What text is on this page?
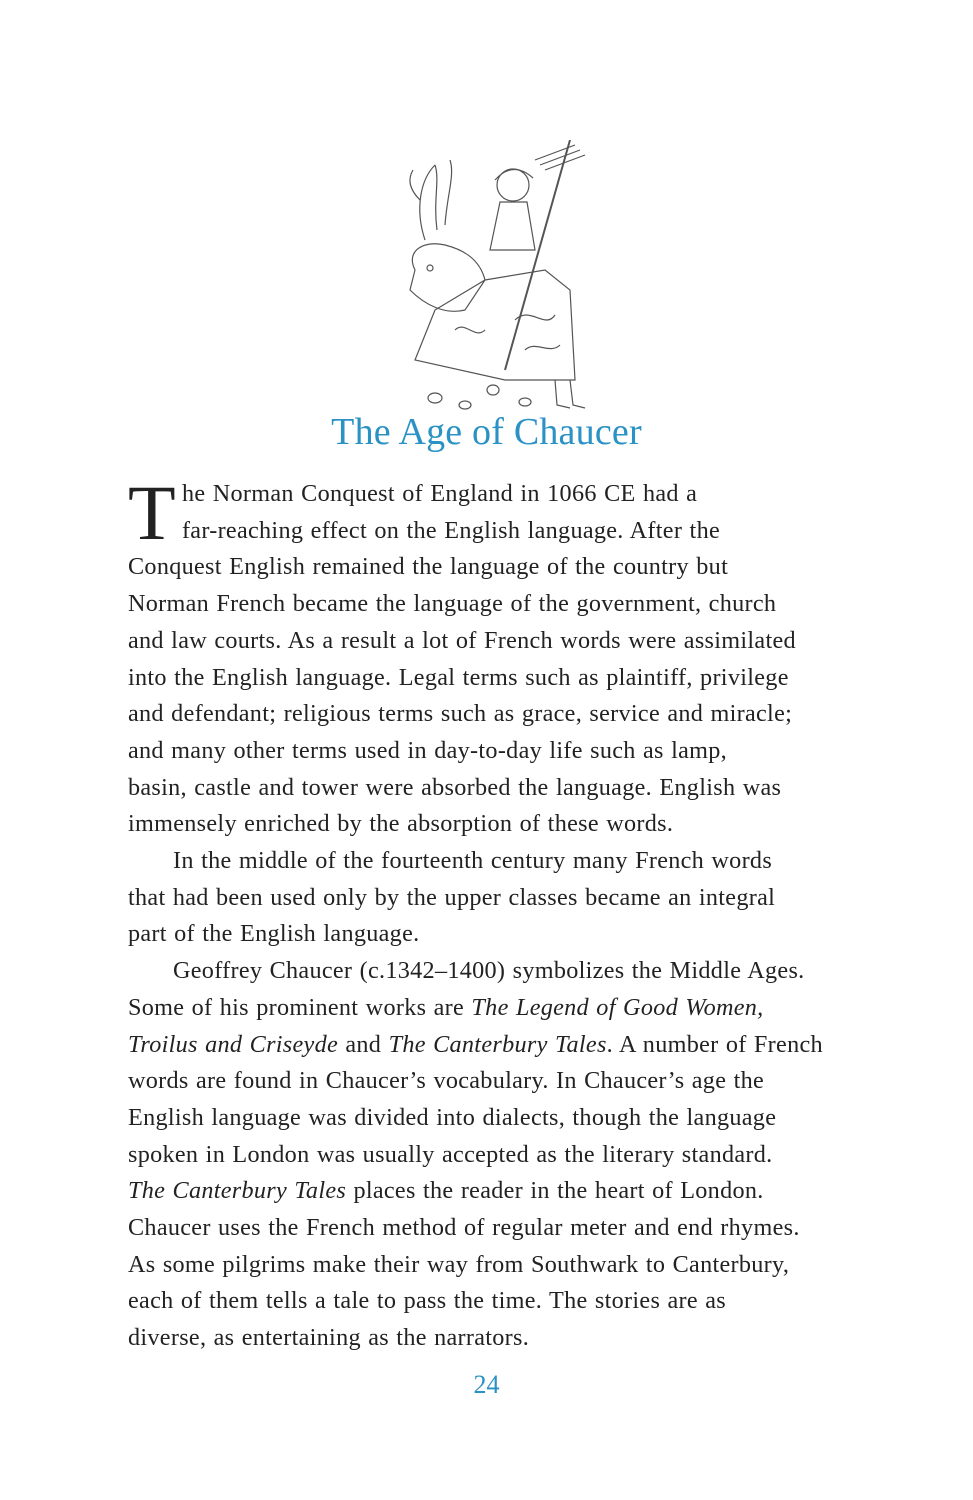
The Age of Chaucer
T he Norman Conquest of England in 1066 CE had a
far-reaching effect on the English language. After the
Conquest English remained the language of the country but
Norman French became the language of the government, church
and law courts. As a result a lot of French words were assimilated
into the English language. Legal terms such as plaintiff, privilege
and defendant; religious terms such as grace, service and miracle;
and many other terms used in day-to-day life such as lamp,
basin, castle and tower were absorbed the language. English was
immensely enriched by the absorption of these words.
In the middle of the fourteenth century many French words
that had been used only by the upper classes became an integral
part of the English language.
Geoffrey Chaucer (c.1342–1400) symbolizes the Middle Ages.
Some of his prominent works are The Legend of Good Women,
Troilus and Criseyde and The Canterbury Tales. A number of French
words are found in Chaucer’s vocabulary. In Chaucer’s age the
English language was divided into dialects, though the language
spoken in London was usually accepted as the literary standard.
The Canterbury Tales places the reader in the heart of London.
Chaucer uses the French method of regular meter and end rhymes.
As some pilgrims make their way from Southwark to Canterbury,
each of them tells a tale to pass the time. The stories are as
diverse, as entertaining as the narrators.
24
